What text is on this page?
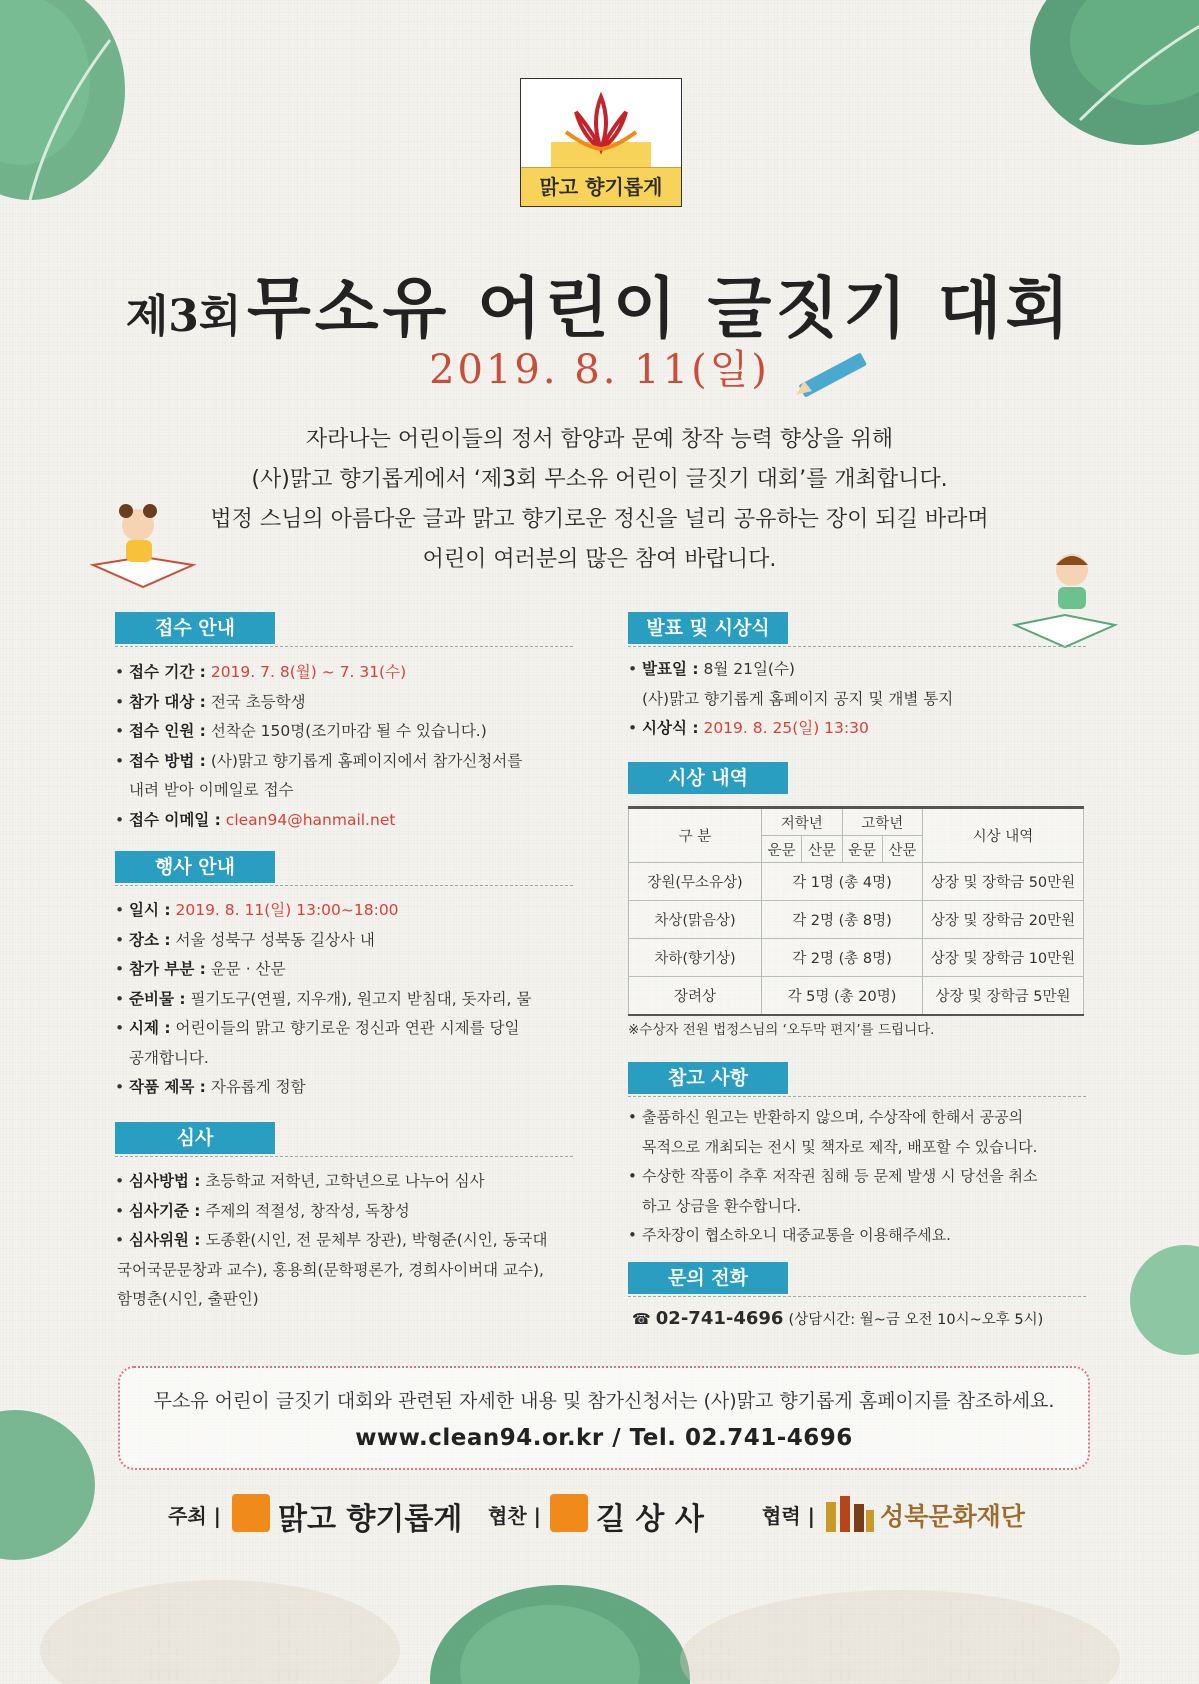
맑고 향기롭게
제3회 무소유 어린이 글짓기 대회
2019. 8. 11(일)
자라나는 어린이들의 정서 함양과 문예 창작 능력 향상을 위해
(사)맑고 향기롭게에서 ‘제3회 무소유 어린이 글짓기 대회’를 개최합니다.
법정 스님의 아름다운 글과 맑고 향기로운 정신을 널리 공유하는 장이 되길 바라며
어린이 여러분의 많은 참여 바랍니다.
접수 안내
• 접수 기간 : 2019. 7. 8(월) ~ 7. 31(수)
• 참가 대상 : 전국 초등학생
• 접수 인원 : 선착순 150명(조기마감 될 수 있습니다.)
• 접수 방법 : (사)맑고 향기롭게 홈페이지에서 참가신청서를
내려 받아 이메일로 접수
• 접수 이메일 : clean94@hanmail.net
행사 안내
• 일시 : 2019. 8. 11(일) 13:00~18:00
• 장소 : 서울 성북구 성북동 길상사 내
• 참가 부분 : 운문 · 산문
• 준비물 : 필기도구(연필, 지우개), 원고지 받침대, 돗자리, 물
• 시제 : 어린이들의 맑고 향기로운 정신과 연관 시제를 당일
공개합니다.
• 작품 제목 : 자유롭게 정함
심사
• 심사방법 : 초등학교 저학년, 고학년으로 나누어 심사
• 심사기준 : 주제의 적절성, 창작성, 독창성
• 심사위원 : 도종환(시인, 전 문체부 장관), 박형준(시인, 동국대
국어국문문창과 교수), 홍용희(문학평론가, 경희사이버대 교수),
함명춘(시인, 출판인)
발표 및 시상식
• 발표일 : 8월 21일(수)
(사)맑고 향기롭게 홈페이지 공지 및 개별 통지
• 시상식 : 2019. 8. 25(일) 13:30
시상 내역
구 분	저학년		고학년		시상 내역
	운문	산문	운문	산문	
장원(무소유상)	각 1명 (총 4명)				상장 및 장학금 50만원
차상(맑음상)	각 2명 (총 8명)				상장 및 장학금 20만원
차하(향기상)	각 2명 (총 8명)				상장 및 장학금 10만원
장려상	각 5명 (총 20명)				상장 및 장학금 5만원
※수상자 전원 법정스님의 ‘오두막 편지’를 드립니다.
참고 사항
• 출품하신 원고는 반환하지 않으며, 수상작에 한해서 공공의
목적으로 개최되는 전시 및 책자로 제작, 배포할 수 있습니다.
• 수상한 작품이 추후 저작권 침해 등 문제 발생 시 당선을 취소
하고 상금을 환수합니다.
• 주차장이 협소하오니 대중교통을 이용해주세요.
문의 전화
☎ 02-741-4696 (상담시간: 월~금 오전 10시~오후 5시)
무소유 어린이 글짓기 대회와 관련된 자세한 내용 및 참가신청서는 (사)맑고 향기롭게 홈페이지를 참조하세요.
www.clean94.or.kr / Tel. 02.741-4696
주최 | 맑고 향기롭게 협찬 | 길 상 사	협력 |	성북문화재단
